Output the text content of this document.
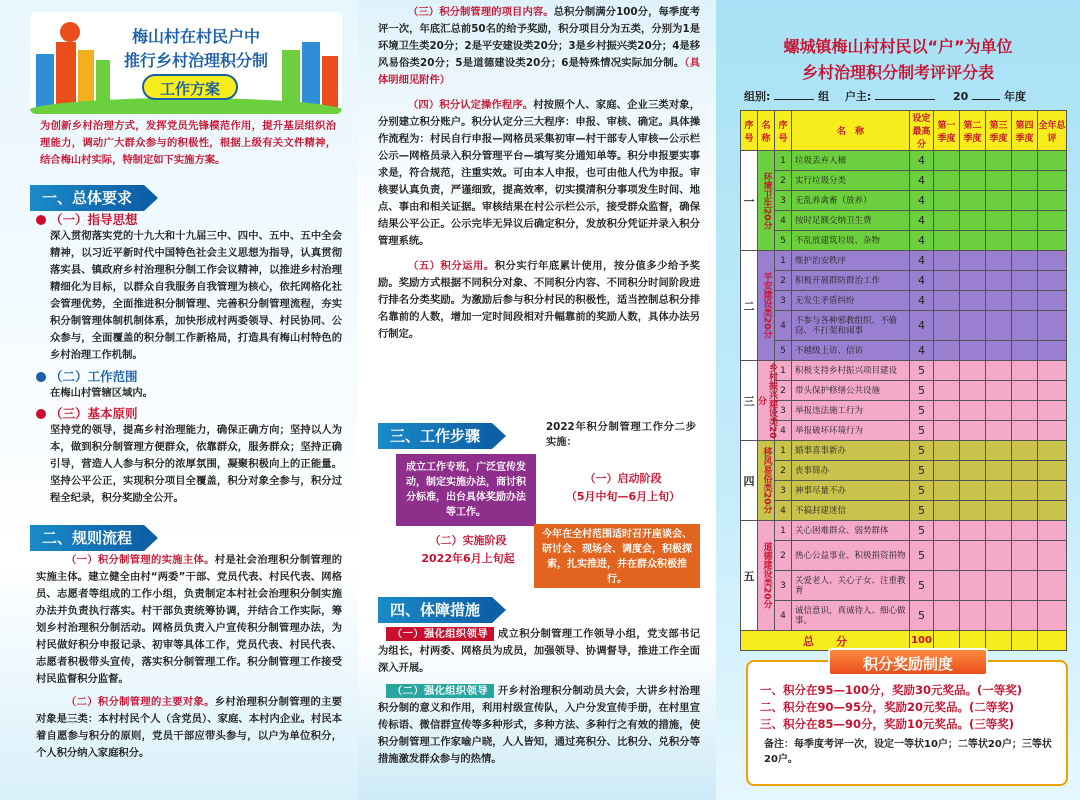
梅山村在村民户中
推行乡村治理积分制
工作方案
为创新乡村治理方式，发挥党员先锋模范作用，提升基层组织治理能力，调动广大群众参与的积极性，根据上级有关文件精神，结合梅山村实际，特制定如下实施方案。
一、总体要求
（一）指导思想
深入贯彻落实党的十九大和十九届三中、四中、五中、五中全会精神，以习近平新时代中国特色社会主义思想为指导，认真贯彻落实县、镇政府乡村治理积分制工作会议精神，以推进乡村治理精细化为目标，以群众自我服务自我管理为核心，依托网格化社会管理优势，全面推进积分制管理、完善积分制管理流程，夯实积分制管理体制机制体系，加快形成村两委领导、村民协同、公众参与，全面覆盖的积分制工作新格局，打造具有梅山村特色的乡村治理工作机制。
（二）工作范围
在梅山村管辖区域内。
（三）基本原则
坚持党的领导，提高乡村治理能力，确保正确方向；坚持以人为本，做到积分制管理方便群众，依靠群众，服务群众；坚持正确引导，营造人人参与积分的浓厚氛围，凝聚积极向上的正能量。坚持公平公正，实现积分项目全覆盖，积分对象全参与，积分过程全纪录，积分奖励全公开。
二、规则流程
（一）积分制管理的实施主体。村是社会治理积分制管理的实施主体。建立健全由村“两委”干部、党员代表、村民代表、网格员、志愿者等组成的工作小组，负责制定本村社会治理积分制实施办法并负责执行落实。村干部负责统筹协调，并结合工作实际，筹划乡村治理积分制活动。网格员负责入户宣传积分制管理办法，为村民做好积分申报记录、初审等具体工作，党员代表、村民代表、志愿者积极带头宣传，落实积分制管理工作。积分制管理工作接受村民监督积分监督。
（二）积分制管理的主要对象。乡村治理积分制管理的主要对象是三类：本村村民个人（含党员）、家庭、本村内企业。村民本着自愿参与积分的原则，党员干部应带头参与，以户为单位积分，个人积分纳入家庭积分。
（三）积分制管理的项目内容。总积分制满分100分，每季度考评一次，年底汇总前50名的给予奖励，积分项目分为五类，分别为1是环境卫生类20分；2是平安建设类20分；3是乡村振兴类20分；4是移风易俗类20分；5是道德建设类20分；6是特殊情况实际加分制。（具体明细见附件）
（四）积分认定操作程序。村按照个人、家庭、企业三类对象，分别建立积分账户。积分认定分三大程序：申报、审核、确定。具体操作流程为：村民自行申报—网格员采集初审—村干部专人审核—公示栏公示—网格员录入积分管理平台—填写奖分通知单等。积分申报要实事求是，符合规范，注重实效。可由本人申报，也可由他人代为申报。审核要认真负责，严谨细致，提高效率，切实摸清积分事项发生时间、地点、事由和相关证据。审核结果在村公示栏公示，接受群众监督，确保结果公平公正。公示完毕无异议后确定积分，发放积分凭证并录入积分管理系统。
（五）积分运用。积分实行年底累计使用，按分值多少给予奖励。奖励方式根据不同积分对象、不同积分内容、不同积分时间阶段进行排名分类奖励。为激励后参与积分村民的积极性，适当控制总积分排名靠前的人数，增加一定时间段相对升幅靠前的奖励人数，具体办法另行制定。
三、工作步骤	2022年积分制管理工作分二步实施：
成立工作专班，广泛宣传发动，制定实施办法，商讨积分标准，出台具体奖励办法等工作。
（一）启动阶段
（5月中旬—6月上旬）
（二）实施阶段
2022年6月上旬起
今年在全村范围适时召开座谈会、研讨会、现场会、调度会，积极探索，扎实推进，并在群众积极推行。
四、体障措施
（一）强化组织领导 成立积分制管理工作领导小组，党支部书记为组长，村两委、网格员为成员，加强领导、协调督导，推进工作全面深入开展。
（二）强化组织领导 开乡村治理积分制动员大会，大讲乡村治理积分制的意义和作用，利用村级宣传队，入户分发宣传手册，在村里宣传标语、微信群宣传等多种形式，多种方法、多种行之有效的措施，使积分制管理工作家喻户晓，人人皆知，通过亮积分、比积分、兑积分等措施激发群众参与的热情。
螺城镇梅山村村民以“户”为单位
乡村治理积分制考评评分表
组别:	组 户主:	20	年度
序号	名称	序号	名　称	设定最高分	第一季度	第二季度	第三季度	第四季度	全年总评
一	环境卫生20分	1	垃圾丢弃入桶	4					
		2	实行垃圾分类	4					
		3	无乱养禽畜（放养）	4					
		4	按时足额交纳卫生费	4					
		5	不乱放建筑垃圾、杂物	4					
二	平安建设类20分	1	维护治安秩序	4					
		2	积极开展群防群治工作	4					
		3	无发生矛盾纠纷	4					
		4	不参与各种邪教组织、不偷窃、不打架和闹事	4					
		5	不越级上访、信访	4					
三	乡村振兴建设类20分	1	积极支持乡村振兴项目建设	5					
		2	带头保护修缮公共设施	5					
		3	举报违法施工行为	5					
		4	举报破坏环境行为	5					
四	移风易俗类20分	1	婚事喜事新办	5					
		2	丧事简办	5					
		3	神事尽量不办	5					
		4	不搞封建迷信	5					
五	道德建设类20分	1	关心困难群众、弱势群体	5					
		2	热心公益事业、积极捐资捐物	5					
		3	关爱老人、关心子女、注重教育	5					
		4	诚信意识，真诚待人、细心做事。	5					
总　　分				100					
积分奖励制度
一、积分在95—100分，奖励30元奖品。(一等奖)
二、积分在90—95分，奖励20元奖品。(二等奖)
三、积分在85—90分，奖励10元奖品。(三等奖)
备注：每季度考评一次，设定一等状10户；二等状20户；三等状20户。
